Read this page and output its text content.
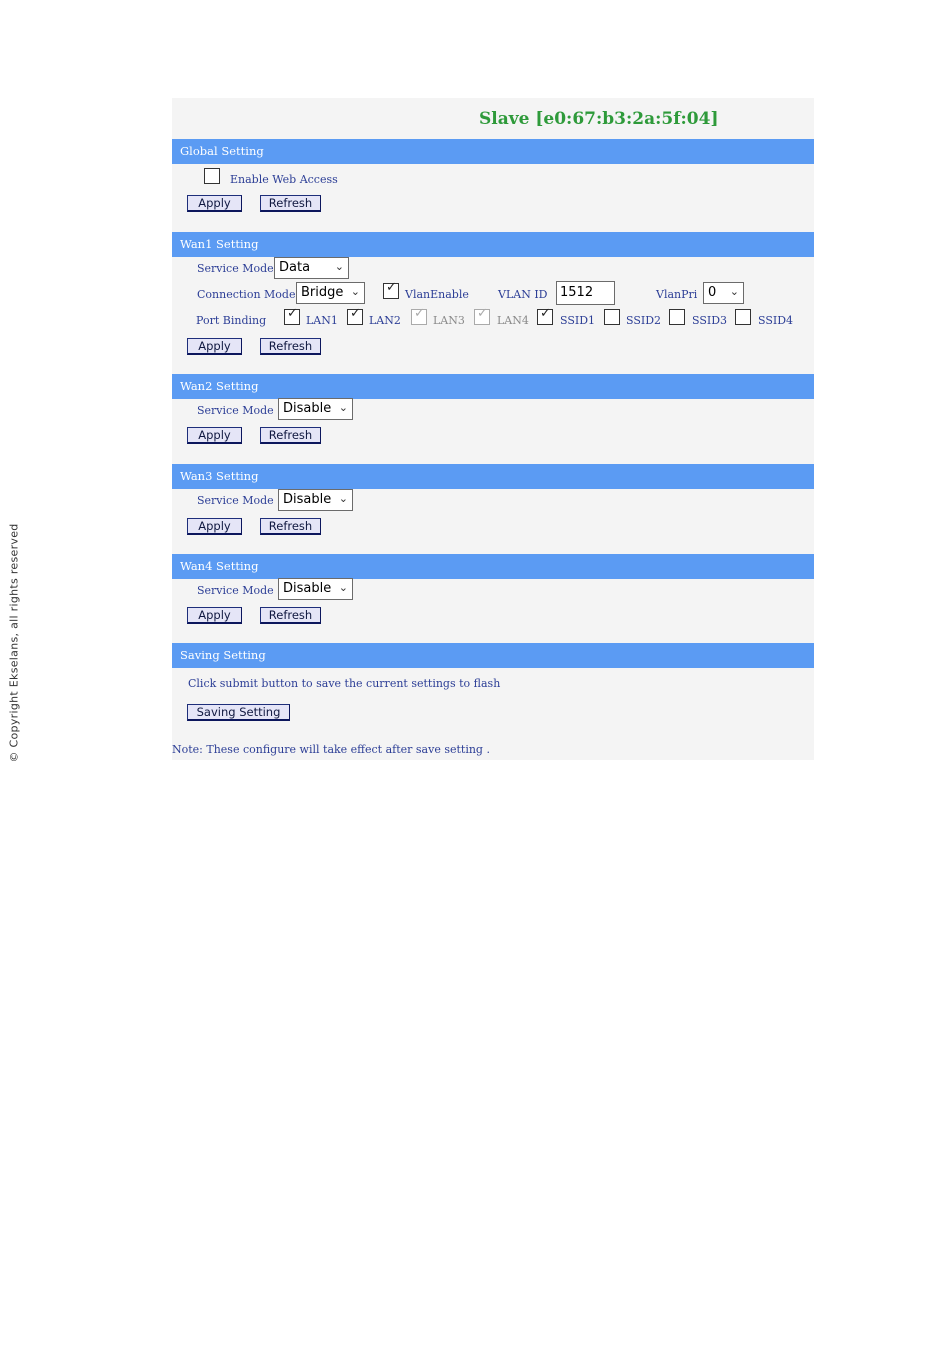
© Copyright Ekselans, all rights reserved
Slave [e0:67:b3:2a:5f:04]
Global Setting
Enable Web Access
Apply	Refresh
Wan1 Setting
Service Mode Data ⌄
Connection Mode Bridge ⌄ ✓ VlanEnable	VLAN ID 1512	VlanPri 0 ⌄
Port Binding ✓ LAN1 ✓ LAN2 ✓ LAN3 ✓ LAN4 ✓ SSID1	SSID2	SSID3	SSID4
Apply	Refresh
Wan2 Setting
Service Mode Disable ⌄
Apply	Refresh
Wan3 Setting
Service Mode Disable ⌄
Apply	Refresh
Wan4 Setting
Service Mode Disable ⌄
Apply	Refresh
Saving Setting
Click submit button to save the current settings to flash
Saving Setting
Note: These configure will take effect after save setting .
